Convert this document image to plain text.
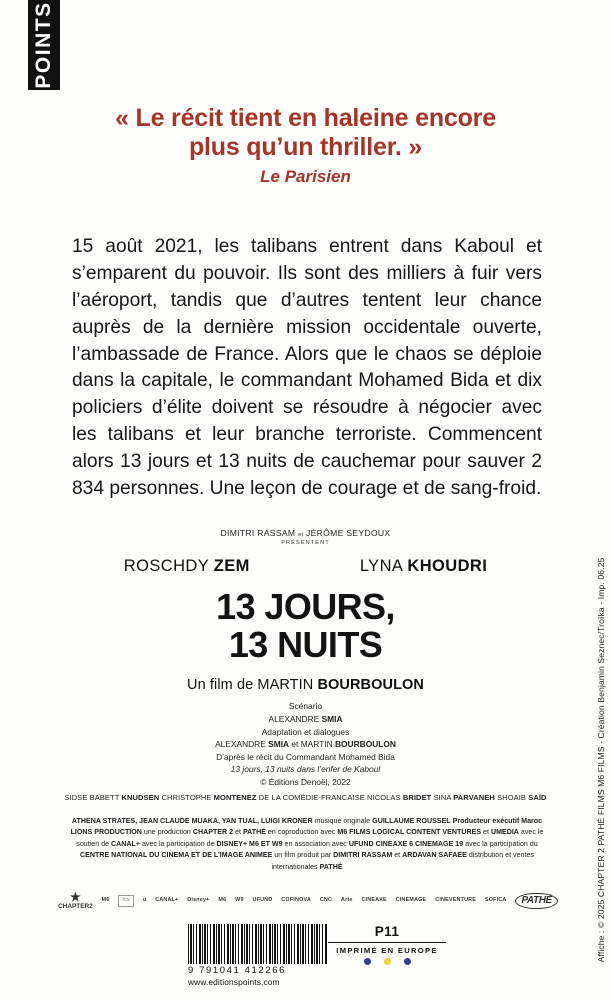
POINTS
« Le récit tient en haleine encore
plus qu’un thriller. »
Le Parisien
15 août 2021, les talibans entrent dans Kaboul et s’emparent du pouvoir. Ils sont des milliers à fuir vers l’aéroport, tandis que d’autres tentent leur chance auprès de la dernière mission occidentale ouverte, l’ambassade de France. Alors que le chaos se déploie dans la capitale, le commandant Mohamed Bida et dix policiers d’élite doivent se résoudre à négocier avec les talibans et leur branche terroriste. Commencent alors 13 jours et 13 nuits de cauchemar pour sauver 2 834 personnes. Une leçon de courage et de sang-froid.
DIMITRI RASSAM et JÉRÔME SEYDOUX
PRÉSENTENT
ROSCHDY ZEM	LYNA KHOUDRI
13 JOURS,
13 NUITS
Un film de MARTIN BOURBOULON
Scénario
ALEXANDRE SMIA
Adaptation et dialogues
ALEXANDRE SMIA et MARTIN BOURBOULON
D’après le récit du Commandant Mohamed Bida
13 jours, 13 nuits dans l’enfer de Kaboul
© Éditions Denoël, 2022
SIDSE BABETT KNUDSEN CHRISTOPHE MONTENEZ DE LA COMÉDIE-FRANCAISE NICOLAS BRIDET SINA PARVANEH SHOAIB SAÏD
ATHENA STRATES, JEAN CLAUDE MUAKA, YAN TUAL, LUIGI KRONER musique originale GUILLAUME ROUSSEL Producteur exécutif Maroc LIONS PRODUCTION une production CHAPTER 2 et PATHÉ en coproduction avec M6 FILMS LOGICAL CONTENT VENTURES et UMEDIA avec le soutien de CANAL+ avec la participation de DISNEY+ M6 ET W9 en association avec UFUND CINEAXE 6 CINEMAGE 19 avec la participation du CENTRE NATIONAL DU CINEMA ET DE L’IMAGE ANIMEE un film produit par DIMITRI RASSAM et ARDAVAN SAFAEE distribution et ventes internationales PATHÉ
★
CHAPTER2
M6	lcv	u CANAL+ Disney+ M6 W9 UFUND COFINOVA CNC Arte CINEAXE CINEMAGE CINEVENTURE SOFICA	PATHÉ
9 791041 412266
www.editionspoints.com
P11
IMPRIMÉ EN EUROPE	Affiche : © 2025 CHAPTER 2 PATHÉ FILMS M6 FILMS - Création Benjamin Seznec/Troïka - Imp. 06.25
